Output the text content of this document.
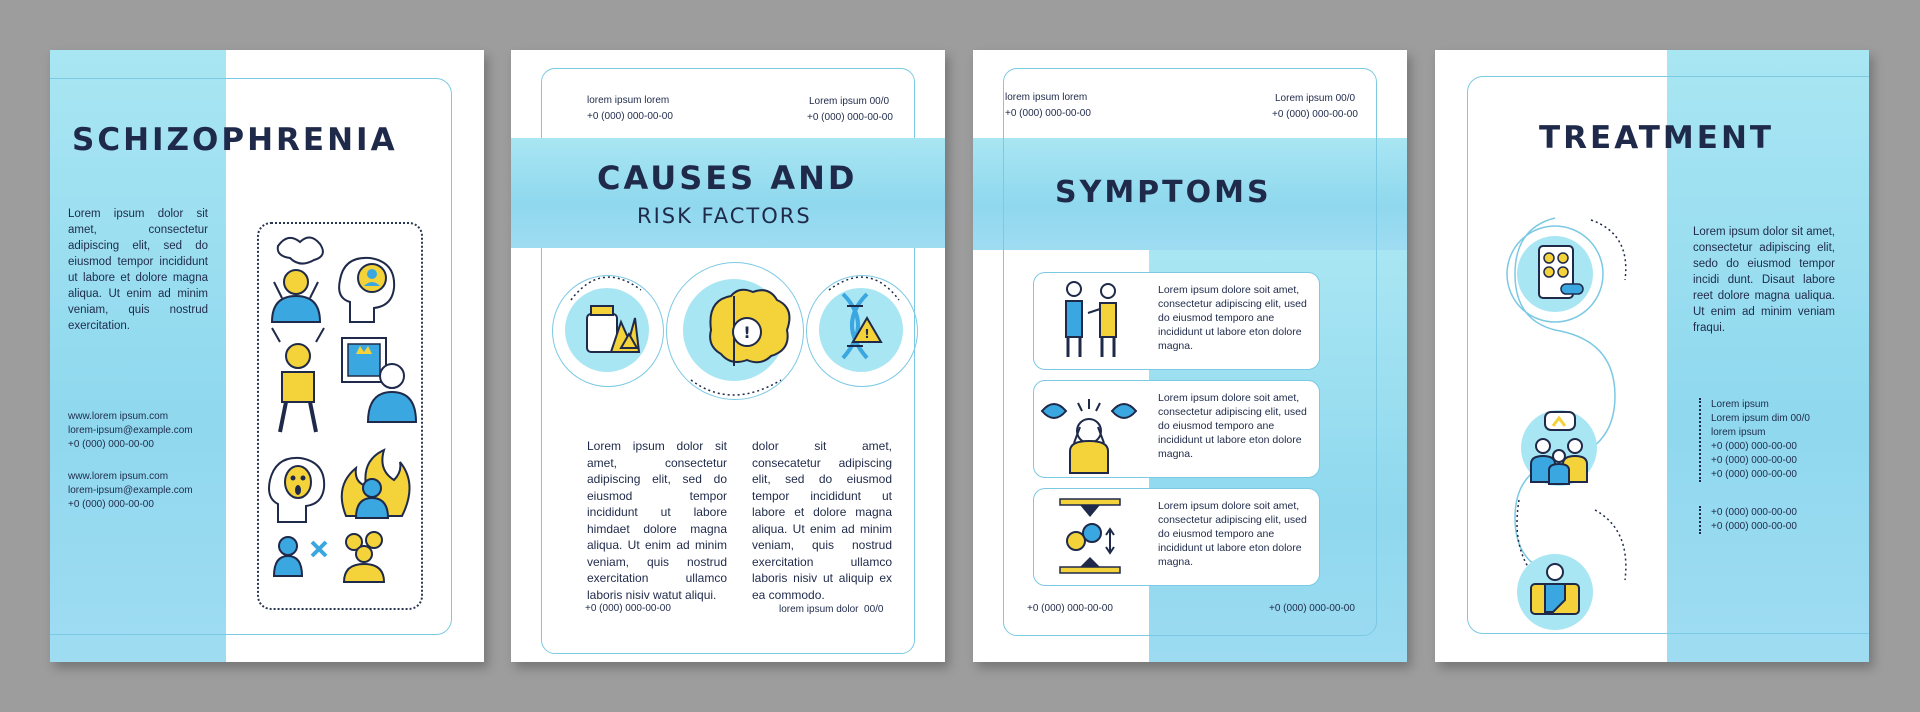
SCHIZOPHRENIA
Lorem ipsum dolor sit amet, consectetur adipiscing elit, sed do eiusmod tempor incididunt ut labore et dolore magna aliqua. Ut enim ad minim veniam, quis nostrud exercitation.
www.lorem ipsum.com
lorem-ipsum@example.com
+0 (000) 000-00-00
www.lorem ipsum.com
lorem-ipsum@example.com
+0 (000) 000-00-00
lorem ipsum lorem
+0 (000) 000-00-00
Lorem ipsum 00/0
+0 (000) 000-00-00
CAUSES AND
RISK FACTORS
!	!
Lorem ipsum dolor sit amet, consectetur adipiscing elit, sed do eiusmod tempor incididunt ut labore himdaet dolore magna aliqua. Ut enim ad minim veniam, quis nostrud exercitation ullamco laboris nisiv watut aliqui.
dolor sit amet, consecatetur adipiscing elit, sed do eiusmod tempor incididunt ut labore et dolore magna aliqua. Ut enim ad minim veniam, quis nostrud exercitation ullamco laboris nisiv ut aliquip ex ea commodo.
+0 (000) 000-00-00	lorem ipsum dolor  00/0
lorem ipsum lorem
+0 (000) 000-00-00
Lorem ipsum 00/0
+0 (000) 000-00-00
SYMPTOMS
Lorem ipsum dolore soit amet, consectetur adipiscing elit, used do eiusmod temporo ane incididunt ut labore eton dolore magna.
Lorem ipsum dolore soit amet, consectetur adipiscing elit, used do eiusmod temporo ane incididunt ut labore eton dolore magna.
Lorem ipsum dolore soit amet, consectetur adipiscing elit, used do eiusmod temporo ane incididunt ut labore eton dolore magna.
+0 (000) 000-00-00	+0 (000) 000-00-00
TREATMENT
Lorem ipsum dolor sit amet, consectetur adipiscing elit, sedo do eiusmod tempor incidi dunt. Disaut labore reet dolore magna ualiqua. Ut enim ad minim veniam fraqui.
Lorem ipsum
Lorem ipsum dim 00/0
lorem ipsum
+0 (000) 000-00-00
+0 (000) 000-00-00
+0 (000) 000-00-00
+0 (000) 000-00-00
+0 (000) 000-00-00
